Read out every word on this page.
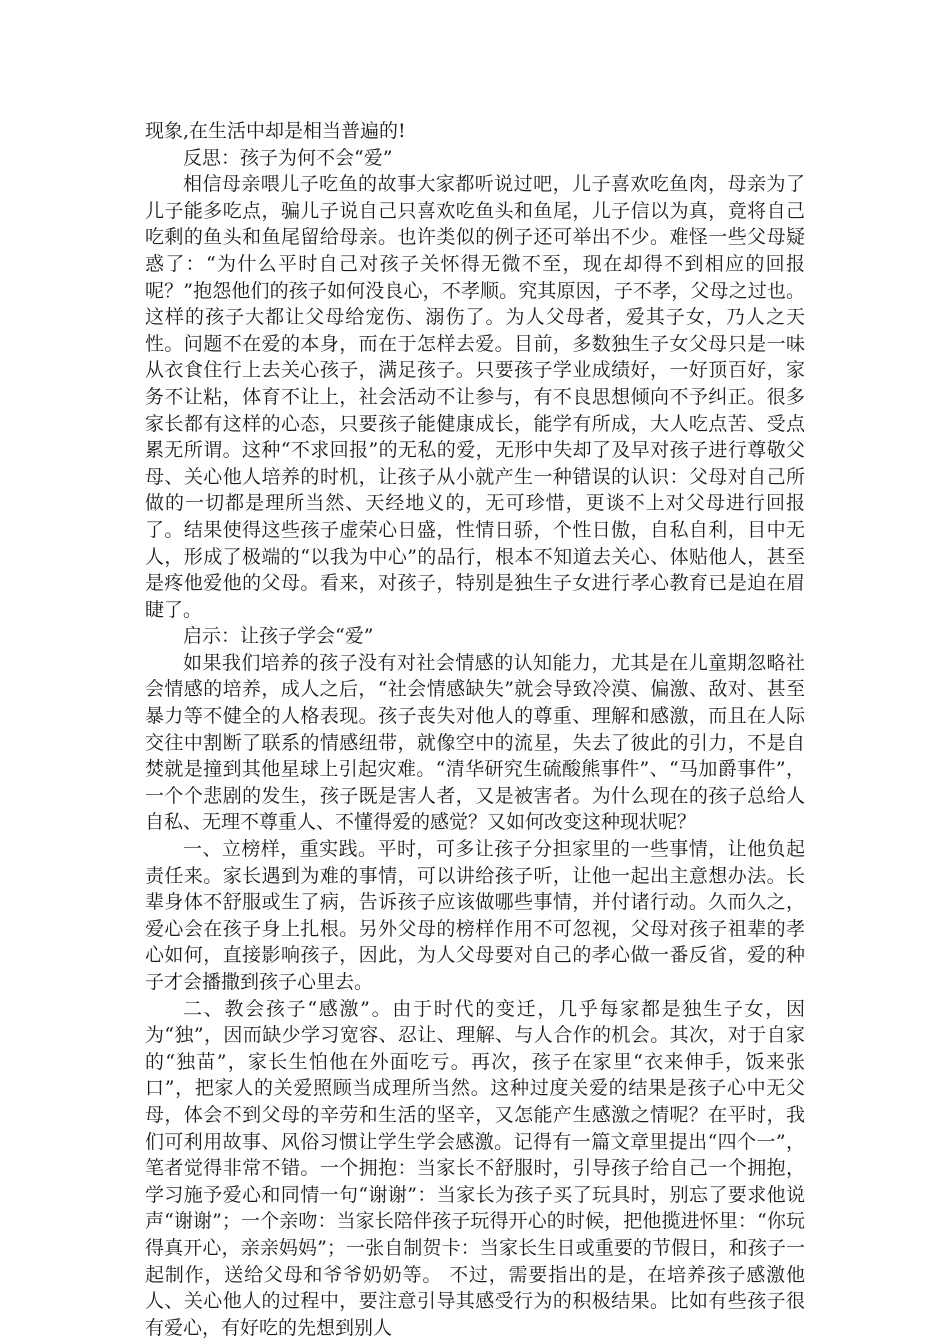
现象,在生活中却是相当普遍的!

反思：孩子为何不会“爱”

相信母亲喂儿子吃鱼的故事大家都听说过吧，儿子喜欢吃鱼肉，母亲为了儿子能多吃点，骗儿子说自己只喜欢吃鱼头和鱼尾，儿子信以为真，竟将自己吃剩的鱼头和鱼尾留给母亲。也许类似的例子还可举出不少。难怪一些父母疑惑了：“为什么平时自己对孩子关怀得无微不至，现在却得不到相应的回报呢？”抱怨他们的孩子如何没良心，不孝顺。究其原因，子不孝，父母之过也。这样的孩子大都让父母给宠伤、溺伤了。为人父母者，爱其子女，乃人之天性。问题不在爱的本身，而在于怎样去爱。目前，多数独生子女父母只是一味从衣食住行上去关心孩子，满足孩子。只要孩子学业成绩好，一好顶百好，家务不让粘，体育不让上，社会活动不让参与，有不良思想倾向不予纠正。很多家长都有这样的心态，只要孩子能健康成长，能学有所成，大人吃点苦、受点累无所谓。这种“不求回报”的无私的爱，无形中失却了及早对孩子进行尊敬父母、关心他人培养的时机，让孩子从小就产生一种错误的认识：父母对自己所做的一切都是理所当然、天经地义的，无可珍惜，更谈不上对父母进行回报了。结果使得这些孩子虚荣心日盛，性情日骄，个性日傲，自私自利，目中无人，形成了极端的“以我为中心”的品行，根本不知道去关心、体贴他人，甚至是疼他爱他的父母。看来，对孩子，特别是独生子女进行孝心教育已是迫在眉睫了。

启示：让孩子学会“爱”

如果我们培养的孩子没有对社会情感的认知能力，尤其是在儿童期忽略社会情感的培养，成人之后，“社会情感缺失”就会导致冷漠、偏激、敌对、甚至暴力等不健全的人格表现。孩子丧失对他人的尊重、理解和感激，而且在人际交往中割断了联系的情感纽带，就像空中的流星，失去了彼此的引力，不是自焚就是撞到其他星球上引起灾难。“清华研究生硫酸熊事件”、“马加爵事件”，一个个悲剧的发生，孩子既是害人者，又是被害者。为什么现在的孩子总给人自私、无理不尊重人、不懂得爱的感觉？又如何改变这种现状呢？

一、立榜样，重实践。平时，可多让孩子分担家里的一些事情，让他负起责任来。家长遇到为难的事情，可以讲给孩子听，让他一起出主意想办法。长辈身体不舒服或生了病，告诉孩子应该做哪些事情，并付诸行动。久而久之，爱心会在孩子身上扎根。另外父母的榜样作用不可忽视，父母对孩子祖辈的孝心如何，直接影响孩子，因此，为人父母要对自己的孝心做一番反省，爱的种子才会播撒到孩子心里去。

二、教会孩子“感激”。由于时代的变迁，几乎每家都是独生子女，因为“独”，因而缺少学习宽容、忍让、理解、与人合作的机会。其次，对于自家的“独苗”，家长生怕他在外面吃亏。再次，孩子在家里“衣来伸手，饭来张口”，把家人的关爱照顾当成理所当然。这种过度关爱的结果是孩子心中无父母，体会不到父母的辛劳和生活的坚辛，又怎能产生感激之情呢？在平时，我们可利用故事、风俗习惯让学生学会感激。记得有一篇文章里提出“四个一”，笔者觉得非常不错。一个拥抱：当家长不舒服时，引导孩子给自己一个拥抱，学习施予爱心和同情一句“谢谢”：当家长为孩子买了玩具时，别忘了要求他说声“谢谢”；一个亲吻：当家长陪伴孩子玩得开心的时候，把他揽进怀里：“你玩得真开心，亲亲妈妈”；一张自制贺卡：当家长生日或重要的节假日，和孩子一起制作，送给父母和爷爷奶奶等。 不过，需要指出的是，在培养孩子感激他人、关心他人的过程中，要注意引导其感受行为的积极结果。比如有些孩子很有爱心，有好吃的先想到别人
